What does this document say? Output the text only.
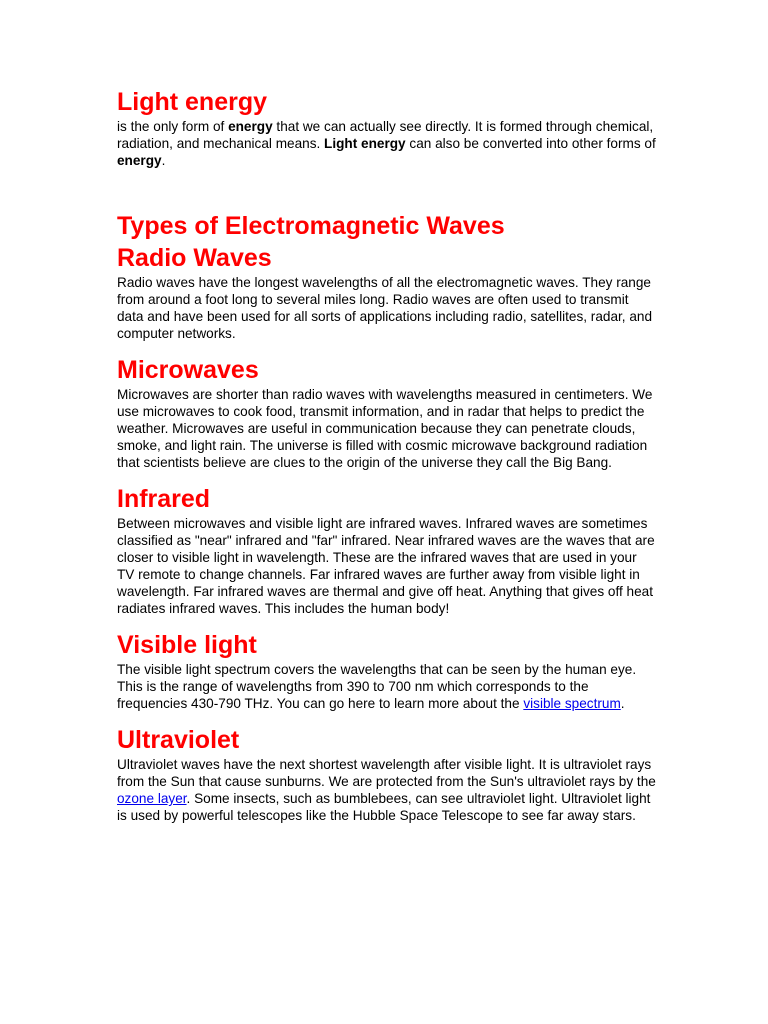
Light energy

is the only form of energy that we can actually see directly. It is formed through chemical, radiation, and mechanical means. Light energy can also be converted into other forms of energy.

Types of Electromagnetic Waves
Radio Waves

Radio waves have the longest wavelengths of all the electromagnetic waves. They range from around a foot long to several miles long. Radio waves are often used to transmit data and have been used for all sorts of applications including radio, satellites, radar, and computer networks.

Microwaves

Microwaves are shorter than radio waves with wavelengths measured in centimeters. We use microwaves to cook food, transmit information, and in radar that helps to predict the weather. Microwaves are useful in communication because they can penetrate clouds, smoke, and light rain. The universe is filled with cosmic microwave background radiation that scientists believe are clues to the origin of the universe they call the Big Bang.

Infrared

Between microwaves and visible light are infrared waves. Infrared waves are sometimes classified as "near" infrared and "far" infrared. Near infrared waves are the waves that are closer to visible light in wavelength. These are the infrared waves that are used in your TV remote to change channels. Far infrared waves are further away from visible light in wavelength. Far infrared waves are thermal and give off heat. Anything that gives off heat radiates infrared waves. This includes the human body!

Visible light

The visible light spectrum covers the wavelengths that can be seen by the human eye. This is the range of wavelengths from 390 to 700 nm which corresponds to the frequencies 430-790 THz. You can go here to learn more about the visible spectrum.

Ultraviolet

Ultraviolet waves have the next shortest wavelength after visible light. It is ultraviolet rays from the Sun that cause sunburns. We are protected from the Sun's ultraviolet rays by the ozone layer. Some insects, such as bumblebees, can see ultraviolet light. Ultraviolet light is used by powerful telescopes like the Hubble Space Telescope to see far away stars.
